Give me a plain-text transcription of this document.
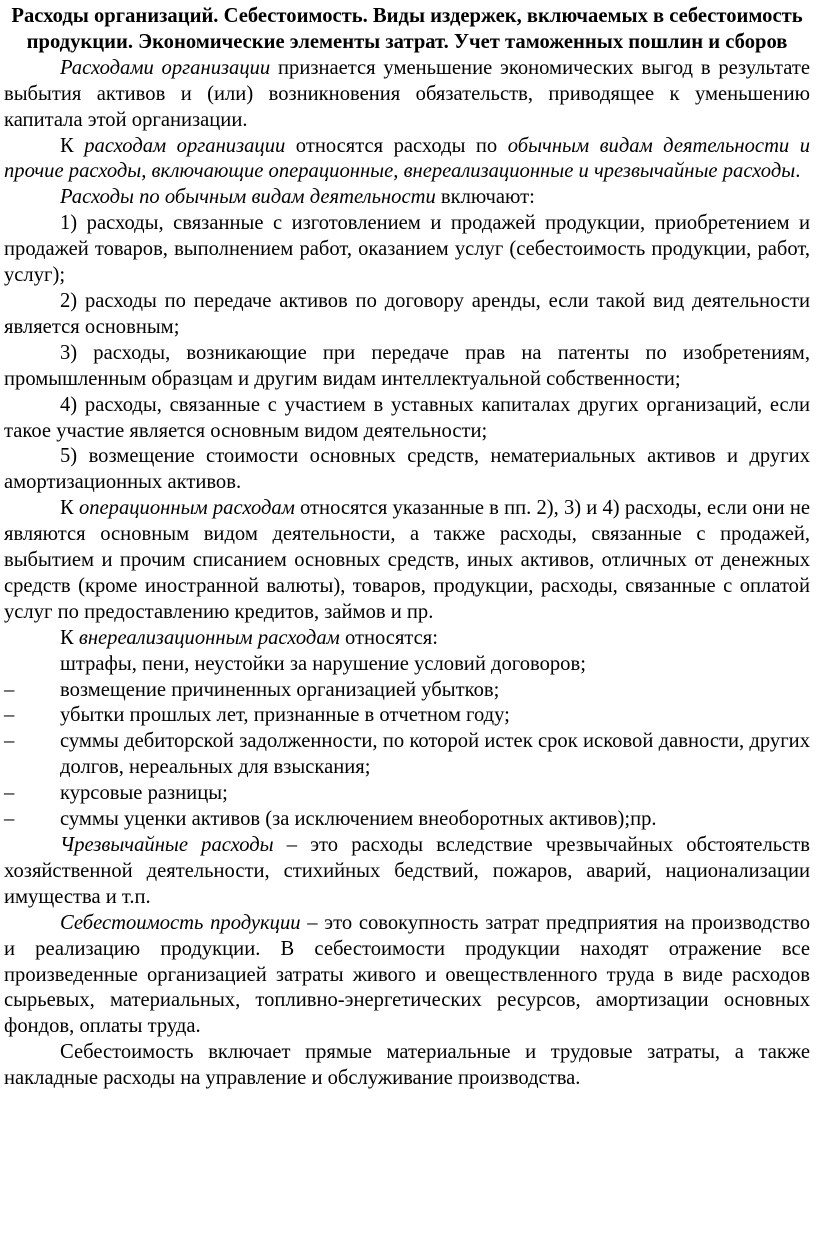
Расходы организаций. Себестоимость. Виды издержек, включаемых в себестоимость продукции. Экономические элементы затрат. Учет таможенных пошлин и сборов

Расходами организации признается уменьшение экономических выгод в результате выбытия активов и (или) возникновения обязательств, приводящее к уменьшению капитала этой организации.

К расходам организации относятся расходы по обычным видам деятельности и прочие расходы, включающие операционные, внереализационные и чрезвычайные расходы.

Расходы по обычным видам деятельности включают:

1) расходы, связанные с изготовлением и продажей продукции, приобретением и продажей товаров, выполнением работ, оказанием услуг (себестоимость продукции, работ, услуг);

2) расходы по передаче активов по договору аренды, если такой вид деятельности является основным;

3) расходы, возникающие при передаче прав на патенты по изобретениям, промышленным образцам и другим видам интеллектуальной собственности;

4) расходы, связанные с участием в уставных капиталах других организаций, если такое участие является основным видом деятельности;

5) возмещение стоимости основных средств, нематериальных активов и других амортизационных активов.

К операционным расходам относятся указанные в пп. 2), 3) и 4) расходы, если они не являются основным видом деятельности, а также расходы, связанные с продажей, выбытием и прочим списанием основных средств, иных активов, отличных от денежных средств (кроме иностранной валюты), товаров, продукции, расходы, связанные с оплатой услуг по предоставлению кредитов, займов и пр.

К внереализационным расходам относятся:

штрафы, пени, неустойки за нарушение условий договоров;

– возмещение причиненных организацией убытков;
– убытки прошлых лет, признанные в отчетном году;
– суммы дебиторской задолженности, по которой истек срок исковой давности, других долгов, нереальных для взыскания;
– курсовые разницы;
– суммы уценки активов (за исключением внеоборотных активов);пр.

Чрезвычайные расходы – это расходы вследствие чрезвычайных обстоятельств хозяйственной деятельности, стихийных бедствий, пожаров, аварий, национализации имущества и т.п.

Себестоимость продукции – это совокупность затрат предприятия на производство и реализацию продукции. В себестоимости продукции находят отражение все произведенные организацией затраты живого и овеществленного труда в виде расходов сырьевых, материальных, топливно-энергетических ресурсов, амортизации основных фондов, оплаты труда.

Себестоимость включает прямые материальные и трудовые затраты, а также накладные расходы на управление и обслуживание производства.
